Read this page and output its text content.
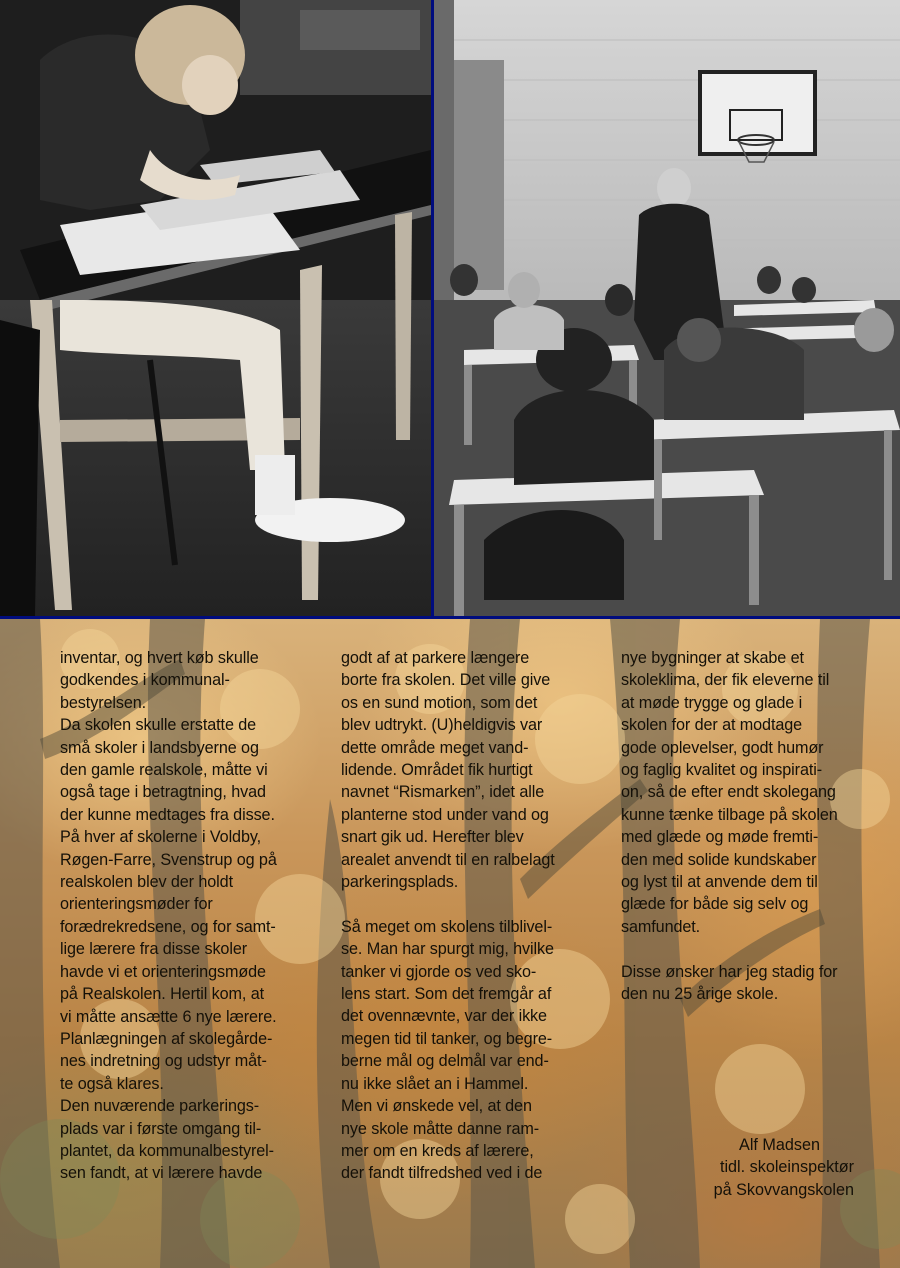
inventar, og hvert køb skulle
godkendes i kommunal-
bestyrelsen.
Da skolen skulle erstatte de
små skoler i landsbyerne og
den gamle realskole, måtte vi
også tage i betragtning, hvad
der kunne medtages fra disse.
På hver af skolerne i Voldby,
Røgen-Farre, Svenstrup og på
realskolen blev der holdt
orienteringsmøder for
forædrekredsene, og for samt-
lige lærere fra disse skoler
havde vi et orienteringsmøde
på Realskolen. Hertil kom, at
vi måtte ansætte 6 nye lærere.
Planlægningen af skolegårde-
nes indretning og udstyr måt-
te også klares.
Den nuværende parkerings-
plads var i første omgang til-
plantet, da kommunalbestyrel-
sen fandt, at vi lærere havde
godt af at parkere længere
borte fra skolen. Det ville give
os en sund motion, som det
blev udtrykt. (U)heldigvis var
dette område meget vand-
lidende. Området fik hurtigt
navnet “Rismarken”, idet alle
planterne stod under vand og
snart gik ud. Herefter blev
arealet anvendt til en ralbelagt
parkeringsplads.
Så meget om skolens tilblivel-
se. Man har spurgt mig, hvilke
tanker vi gjorde os ved sko-
lens start. Som det fremgår af
det ovennævnte, var der ikke
megen tid til tanker, og begre-
berne mål og delmål var end-
nu ikke slået an i Hammel.
Men vi ønskede vel, at den
nye skole måtte danne ram-
mer om en kreds af lærere,
der fandt tilfredshed ved i de
nye bygninger at skabe et
skoleklima, der fik eleverne til
at møde trygge og glade i
skolen for der at modtage
gode oplevelser, godt humør
og faglig kvalitet og inspirati-
on, så de efter endt skolegang
kunne tænke tilbage på skolen
med glæde og møde fremti-
den med solide kundskaber
og lyst til at anvende dem til
glæde for både sig selv og
samfundet.
Disse ønsker har jeg stadig for
den nu 25 årige skole.
Alf Madsen
tidl. skoleinspektør
på Skovvangskolen
